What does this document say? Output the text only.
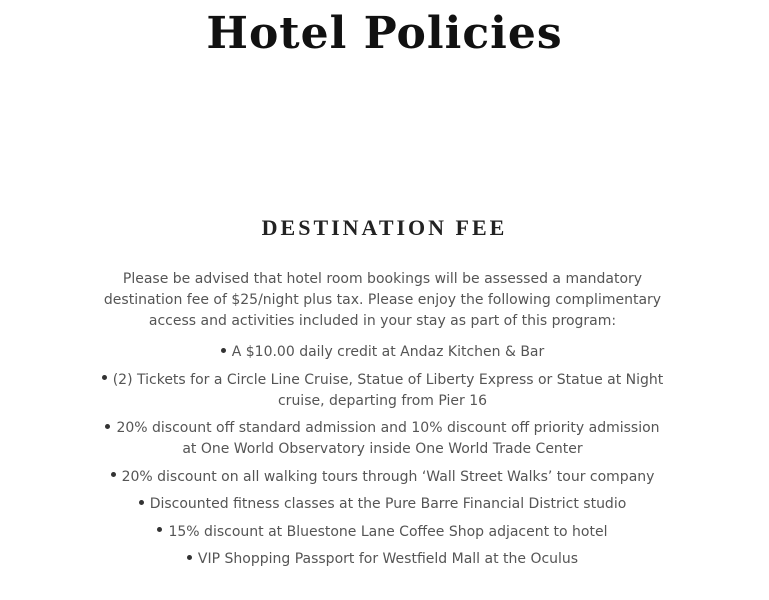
Hotel Policies
DESTINATION FEE

Please be advised that hotel room bookings will be assessed a mandatory destination fee of $25/night plus tax. Please enjoy the following complimentary access and activities included in your stay as part of this program:

A $10.00 daily credit at Andaz Kitchen & Bar
(2) Tickets for a Circle Line Cruise, Statue of Liberty Express or Statue at Night cruise, departing from Pier 16
20% discount off standard admission and 10% discount off priority admission at One World Observatory inside One World Trade Center
20% discount on all walking tours through ‘Wall Street Walks’ tour company
Discounted fitness classes at the Pure Barre Financial District studio
15% discount at Bluestone Lane Coffee Shop adjacent to hotel
VIP Shopping Passport for Westfield Mall at the Oculus
